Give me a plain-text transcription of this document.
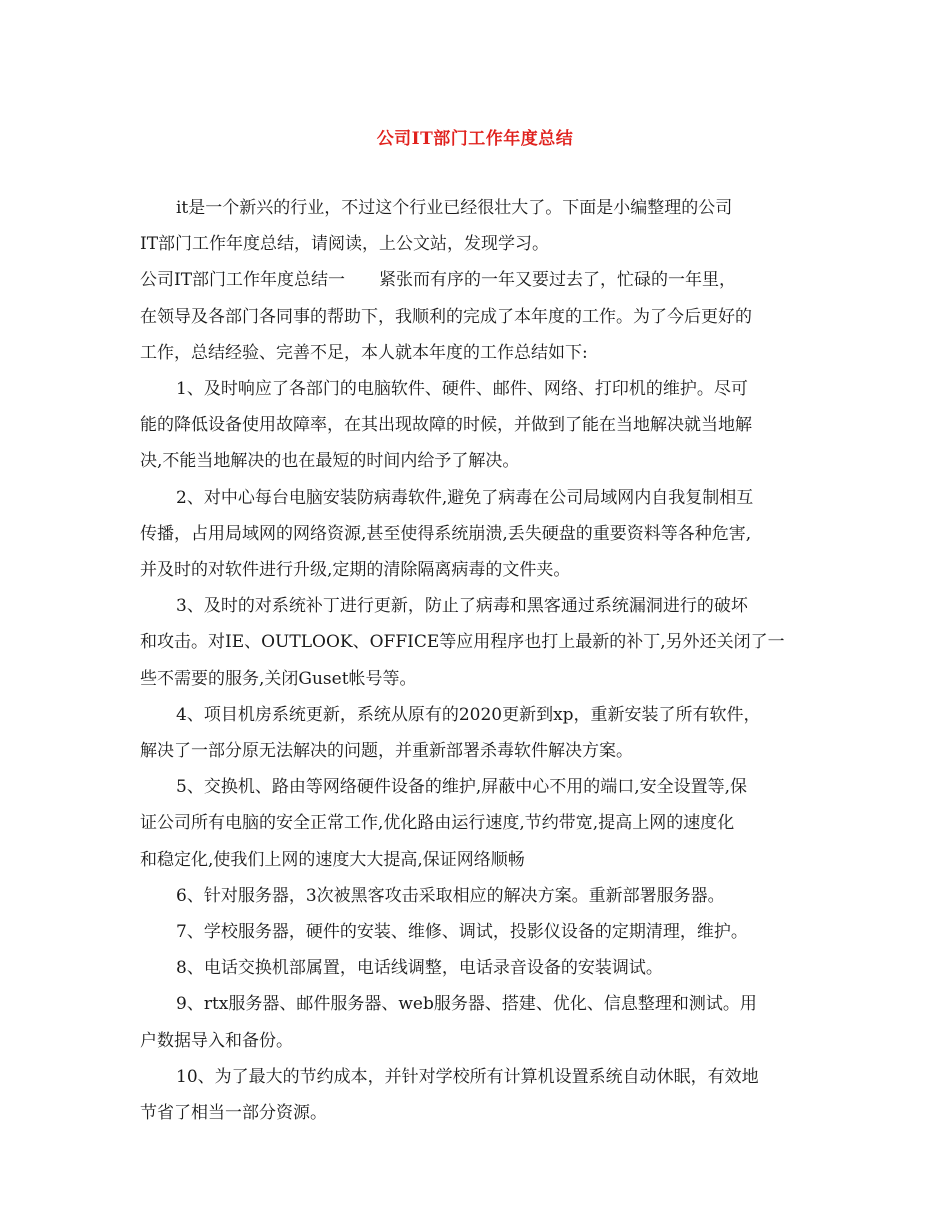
公司IT部门工作年度总结
it是一个新兴的行业，不过这个行业已经很壮大了。下面是小编整理的公司
IT部门工作年度总结，请阅读，上公文站，发现学习。
公司IT部门工作年度总结一　　紧张而有序的一年又要过去了，忙碌的一年里，
在领导及各部门各同事的帮助下，我顺利的完成了本年度的工作。为了今后更好的
工作，总结经验、完善不足，本人就本年度的工作总结如下:
1、及时响应了各部门的电脑软件、硬件、邮件、网络、打印机的维护。尽可
能的降低设备使用故障率，在其出现故障的时候，并做到了能在当地解决就当地解
决,不能当地解决的也在最短的时间内给予了解决。
2、对中心每台电脑安装防病毒软件,避免了病毒在公司局域网内自我复制相互
传播，占用局域网的网络资源,甚至使得系统崩溃,丢失硬盘的重要资料等各种危害,
并及时的对软件进行升级,定期的清除隔离病毒的文件夹。
3、及时的对系统补丁进行更新，防止了病毒和黑客通过系统漏洞进行的破坏
和攻击。对IE、OUTLOOK、OFFICE等应用程序也打上最新的补丁,另外还关闭了一
些不需要的服务,关闭Guset帐号等。
4、项目机房系统更新，系统从原有的2020更新到xp，重新安装了所有软件，
解决了一部分原无法解决的问题，并重新部署杀毒软件解决方案。
5、交换机、路由等网络硬件设备的维护,屏蔽中心不用的端口,安全设置等,保
证公司所有电脑的安全正常工作,优化路由运行速度,节约带宽,提高上网的速度化
和稳定化,使我们上网的速度大大提高,保证网络顺畅
6、针对服务器，3次被黑客攻击采取相应的解决方案。重新部署服务器。
7、学校服务器，硬件的安装、维修、调试，投影仪设备的定期清理，维护。
8、电话交换机部属置，电话线调整，电话录音设备的安装调试。
9、rtx服务器、邮件服务器、web服务器、搭建、优化、信息整理和测试。用
户数据导入和备份。
10、为了最大的节约成本，并针对学校所有计算机设置系统自动休眠，有效地
节省了相当一部分资源。
